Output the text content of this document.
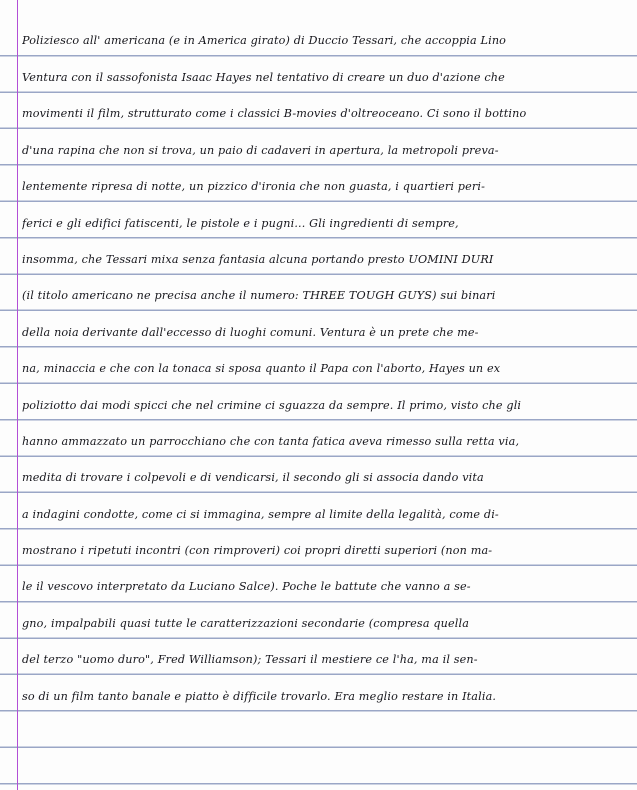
Poliziesco all' americana (e in America girato) di Duccio Tessari, che accoppia Lino
Ventura con il sassofonista Isaac Hayes nel tentativo di creare un duo d'azione che
movimenti il film, strutturato come i classici B-movies d'oltreoceano. Ci sono il bottino
d'una rapina che non si trova, un paio di cadaveri in apertura, la metropoli preva-
lentemente ripresa di notte, un pizzico d'ironia che non guasta, i quartieri peri-
ferici e gli edifici fatiscenti, le pistole e i pugni... Gli ingredienti di sempre,
insomma, che Tessari mixa senza fantasia alcuna portando presto UOMINI DURI
(il titolo americano ne precisa anche il numero: THREE TOUGH GUYS) sui binari
della noia derivante dall'eccesso di luoghi comuni. Ventura è un prete che me-
na, minaccia e che con la tonaca si sposa quanto il Papa con l'aborto, Hayes un ex
poliziotto dai modi spicci che nel crimine ci sguazza da sempre. Il primo, visto che gli
hanno ammazzato un parrocchiano che con tanta fatica aveva rimesso sulla retta via,
medita di trovare i colpevoli e di vendicarsi, il secondo gli si associa dando vita
a indagini condotte, come ci si immagina, sempre al limite della legalità, come di-
mostrano i ripetuti incontri (con rimproveri) coi propri diretti superiori (non ma-
le il vescovo interpretato da Luciano Salce). Poche le battute che vanno a se-
gno, impalpabili quasi tutte le caratterizzazioni secondarie (compresa quella
del terzo "uomo duro", Fred Williamson); Tessari il mestiere ce l'ha, ma il sen-
so di un film tanto banale e piatto è difficile trovarlo. Era meglio restare in Italia.
